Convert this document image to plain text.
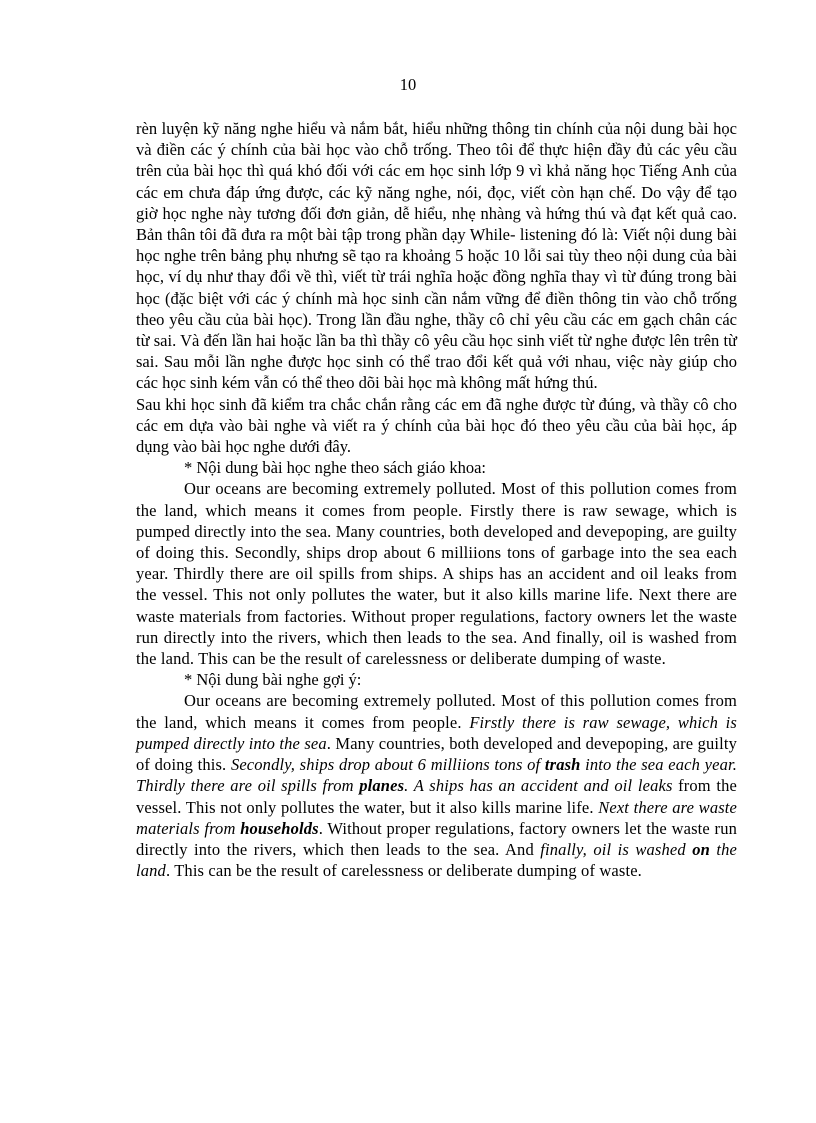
10

rèn luyện kỹ năng nghe hiểu và nắm bắt, hiểu những thông tin chính của nội dung bài học và điền các ý chính của bài học vào chỗ trống. Theo tôi để thực hiện đầy đủ các yêu cầu trên của bài học thì quá khó đối với các em học sinh lớp 9 vì khả năng học Tiếng Anh của các em chưa đáp ứng được, các kỹ năng nghe, nói, đọc, viết còn hạn chế. Do vậy để tạo giờ học nghe này tương đối đơn giản, dễ hiểu, nhẹ nhàng và hứng thú và đạt kết quả cao. Bản thân tôi đã đưa ra một bài tập trong phần dạy While- listening đó là: Viết nội dung bài học nghe trên bảng phụ nhưng sẽ tạo ra khoảng 5 hoặc 10 lỗi sai tùy theo nội dung của bài học, ví dụ như thay đổi về thì, viết từ trái nghĩa hoặc đồng nghĩa thay vì từ đúng trong bài học (đặc biệt với các ý chính mà học sinh cần nắm vững để điền thông tin vào chỗ trống theo yêu cầu của bài học). Trong lần đầu nghe, thầy cô chỉ yêu cầu các em gạch chân các từ sai. Và đến lần hai hoặc lần ba thì thầy cô yêu cầu học sinh viết từ nghe được lên trên từ sai. Sau mỗi lần nghe được học sinh có thể trao đổi kết quả với nhau, việc này giúp cho các học sinh kém vẫn có thể theo dõi bài học mà không mất hứng thú.

Sau khi học sinh đã kiểm tra chắc chắn rằng các em đã nghe được từ đúng, và thầy cô cho các em dựa vào bài nghe và viết ra ý chính của bài học đó theo yêu cầu của bài học, áp dụng vào bài học nghe dưới đây.

* Nội dung bài học nghe theo sách giáo khoa:

Our oceans are becoming extremely polluted. Most of this pollution comes from the land, which means it comes from people. Firstly there is raw sewage, which is pumped directly into the sea. Many countries, both developed and devepoping, are guilty of doing this. Secondly, ships drop about 6 milliions tons of garbage into the sea each year. Thirdly there are oil spills from ships. A ships has an accident and oil leaks from the vessel. This not only pollutes the water, but it also kills marine life. Next there are waste materials from factories. Without proper regulations, factory owners let the waste run directly into the rivers, which then leads to the sea. And finally, oil is washed from the land. This can be the result of carelessness or deliberate dumping of waste.

* Nội dung bài nghe gợi ý:

Our oceans are becoming extremely polluted. Most of this pollution comes from the land, which means it comes from people. Firstly there is raw sewage, which is pumped directly into the sea. Many countries, both developed and devepoping, are guilty of doing this. Secondly, ships drop about 6 milliions tons of trash into the sea each year. Thirdly there are oil spills from planes. A ships has an accident and oil leaks from the vessel. This not only pollutes the water, but it also kills marine life. Next there are waste materials from households. Without proper regulations, factory owners let the waste run directly into the rivers, which then leads to the sea. And finally, oil is washed on the land. This can be the result of carelessness or deliberate dumping of waste.
